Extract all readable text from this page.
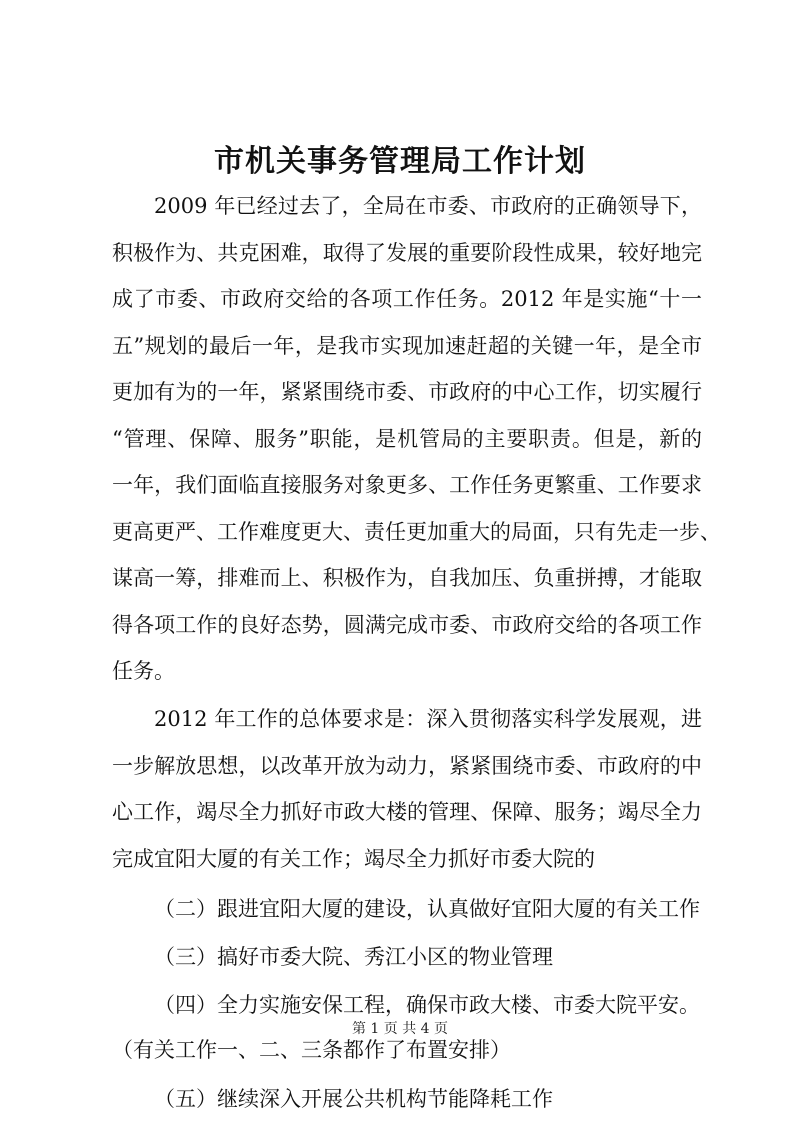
市机关事务管理局工作计划

2009 年已经过去了，全局在市委、市政府的正确领导下，

积极作为、共克困难，取得了发展的重要阶段性成果，较好地完

成了市委、市政府交给的各项工作任务。2012 年是实施“十一

五”规划的最后一年，是我市实现加速赶超的关键一年，是全市

更加有为的一年，紧紧围绕市委、市政府的中心工作，切实履行

“管理、保障、服务”职能，是机管局的主要职责。但是，新的

一年，我们面临直接服务对象更多、工作任务更繁重、工作要求

更高更严、工作难度更大、责任更加重大的局面，只有先走一步、

谋高一筹，排难而上、积极作为，自我加压、负重拼搏，才能取

得各项工作的良好态势，圆满完成市委、市政府交给的各项工作

任务。

2012 年工作的总体要求是：深入贯彻落实科学发展观，进

一步解放思想，以改革开放为动力，紧紧围绕市委、市政府的中

心工作，竭尽全力抓好市政大楼的管理、保障、服务；竭尽全力

完成宜阳大厦的有关工作；竭尽全力抓好市委大院的

（二）跟进宜阳大厦的建设，认真做好宜阳大厦的有关工作

（三）搞好市委大院、秀江小区的物业管理

（四）全力实施安保工程，确保市政大楼、市委大院平安。

（有关工作一、二、三条都作了布置安排）

（五）继续深入开展公共机构节能降耗工作

第 1 页 共 4 页
